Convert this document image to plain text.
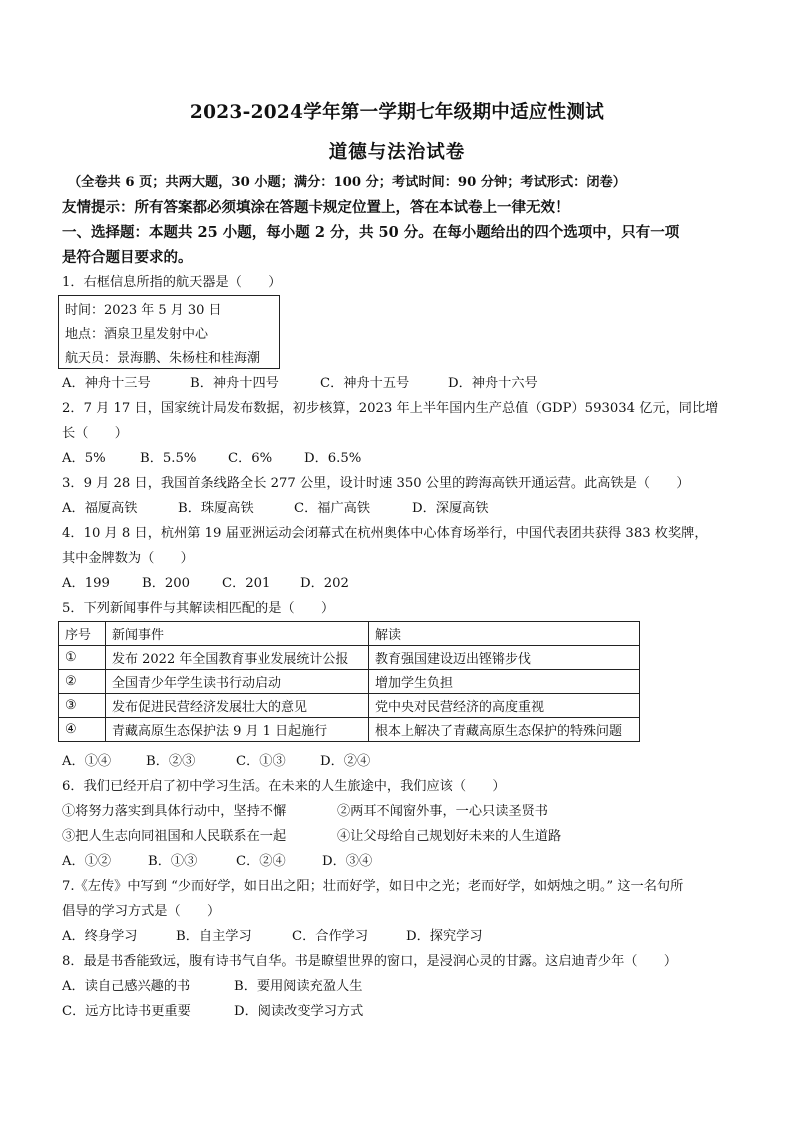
2023-2024学年第一学期七年级期中适应性测试
道德与法治试卷
（全卷共 6 页；共两大题，30 小题；满分：100 分；考试时间：90 分钟；考试形式：闭卷）
友情提示：所有答案都必须填涂在答题卡规定位置上，答在本试卷上一律无效！
一、选择题：本题共 25 小题，每小题 2 分，共 50 分。在每小题给出的四个选项中，只有一项
是符合题目要求的。
1．右框信息所指的航天器是（　　）
时间：2023 年 5 月 30 日
地点：酒泉卫星发射中心
航天员：景海鹏、朱杨柱和桂海潮
A．神舟十三号	B．神舟十四号	C．神舟十五号	D．神舟十六号
2．7 月 17 日，国家统计局发布数据，初步核算，2023 年上半年国内生产总值（GDP）593034 亿元，同比增
长（　　）
A．5%	B．5.5% C．6% D．6.5%
3．9 月 28 日，我国首条线路全长 277 公里，设计时速 350 公里的跨海高铁开通运营。此高铁是（　　）
A．福厦高铁	B．珠厦高铁	C．福广高铁	D．深厦高铁
4．10 月 8 日，杭州第 19 届亚洲运动会闭幕式在杭州奥体中心体育场举行，中国代表团共获得 383 枚奖牌，
其中金牌数为（　　）
A．199 B．200 C．201 D．202
5．下列新闻事件与其解读相匹配的是（　　）
序号	新闻事件	解读
①	发布 2022 年全国教育事业发展统计公报	教育强国建设迈出铿锵步伐
②	全国青少年学生读书行动启动	增加学生负担
③	发布促进民营经济发展壮大的意见	党中央对民营经济的高度重视
④	青藏高原生态保护法 9 月 1 日起施行	根本上解决了青藏高原生态保护的特殊问题
A．①④	B．②③	C．①③	D．②④
6．我们已经开启了初中学习生活。在未来的人生旅途中，我们应该（　　）
①将努力落实到具体行动中，坚持不懈	②两耳不闻窗外事，一心只读圣贤书
③把人生志向同祖国和人民联系在一起	④让父母给自己规划好未来的人生道路
A．①②	B．①③	C．②④	D．③④
7.《左传》中写到 “少而好学，如日出之阳；壮而好学，如日中之光；老而好学，如炳烛之明。” 这一名句所
倡导的学习方式是（　　）
A．终身学习	B．自主学习	C．合作学习	D．探究学习
8．最是书香能致远，腹有诗书气自华。书是瞭望世界的窗口，是浸润心灵的甘露。这启迪青少年（　　）
A．读自己感兴趣的书	B．要用阅读充盈人生
C．远方比诗书更重要	D．阅读改变学习方式
